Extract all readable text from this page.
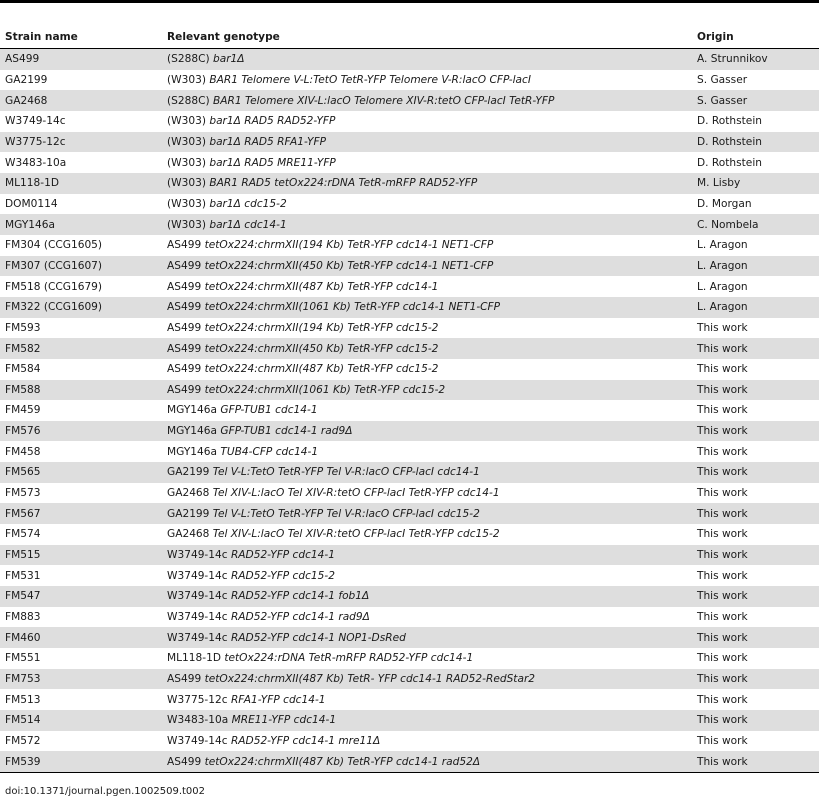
Strain name	Relevant genotype	Origin
AS499	(S288C) bar1Δ	A. Strunnikov
GA2199	(W303) BAR1 Telomere V-L:TetO TetR-YFP Telomere V-R:lacO CFP-lacI	S. Gasser
GA2468	(S288C) BAR1 Telomere XIV-L:lacO Telomere XIV-R:tetO CFP-lacI TetR-YFP	S. Gasser
W3749-14c	(W303) bar1Δ RAD5 RAD52-YFP	D. Rothstein
W3775-12c	(W303) bar1Δ RAD5 RFA1-YFP	D. Rothstein
W3483-10a	(W303) bar1Δ RAD5 MRE11-YFP	D. Rothstein
ML118-1D	(W303) BAR1 RAD5 tetOx224:rDNA TetR-mRFP RAD52-YFP	M. Lisby
DOM0114	(W303) bar1Δ cdc15-2	D. Morgan
MGY146a	(W303) bar1Δ cdc14-1	C. Nombela
FM304 (CCG1605)	AS499 tetOx224:chrmXII(194 Kb) TetR-YFP cdc14-1 NET1-CFP	L. Aragon
FM307 (CCG1607)	AS499 tetOx224:chrmXII(450 Kb) TetR-YFP cdc14-1 NET1-CFP	L. Aragon
FM518 (CCG1679)	AS499 tetOx224:chrmXII(487 Kb) TetR-YFP cdc14-1	L. Aragon
FM322 (CCG1609)	AS499 tetOx224:chrmXII(1061 Kb) TetR-YFP cdc14-1 NET1-CFP	L. Aragon
FM593	AS499 tetOx224:chrmXII(194 Kb) TetR-YFP cdc15-2	This work
FM582	AS499 tetOx224:chrmXII(450 Kb) TetR-YFP cdc15-2	This work
FM584	AS499 tetOx224:chrmXII(487 Kb) TetR-YFP cdc15-2	This work
FM588	AS499 tetOx224:chrmXII(1061 Kb) TetR-YFP cdc15-2	This work
FM459	MGY146a GFP-TUB1 cdc14-1	This work
FM576	MGY146a GFP-TUB1 cdc14-1 rad9Δ	This work
FM458	MGY146a TUB4-CFP cdc14-1	This work
FM565	GA2199 Tel V-L:TetO TetR-YFP Tel V-R:lacO CFP-lacI cdc14-1	This work
FM573	GA2468 Tel XIV-L:lacO Tel XIV-R:tetO CFP-lacI TetR-YFP cdc14-1	This work
FM567	GA2199 Tel V-L:TetO TetR-YFP Tel V-R:lacO CFP-lacI cdc15-2	This work
FM574	GA2468 Tel XIV-L:lacO Tel XIV-R:tetO CFP-lacI TetR-YFP cdc15-2	This work
FM515	W3749-14c RAD52-YFP cdc14-1	This work
FM531	W3749-14c RAD52-YFP cdc15-2	This work
FM547	W3749-14c RAD52-YFP cdc14-1 fob1Δ	This work
FM883	W3749-14c RAD52-YFP cdc14-1 rad9Δ	This work
FM460	W3749-14c RAD52-YFP cdc14-1 NOP1-DsRed	This work
FM551	ML118-1D tetOx224:rDNA TetR-mRFP RAD52-YFP cdc14-1	This work
FM753	AS499 tetOx224:chrmXII(487 Kb) TetR- YFP cdc14-1 RAD52-RedStar2	This work
FM513	W3775-12c RFA1-YFP cdc14-1	This work
FM514	W3483-10a MRE11-YFP cdc14-1	This work
FM572	W3749-14c RAD52-YFP cdc14-1 mre11Δ	This work
FM539	AS499 tetOx224:chrmXII(487 Kb) TetR-YFP cdc14-1 rad52Δ	This work
doi:10.1371/journal.pgen.1002509.t002
